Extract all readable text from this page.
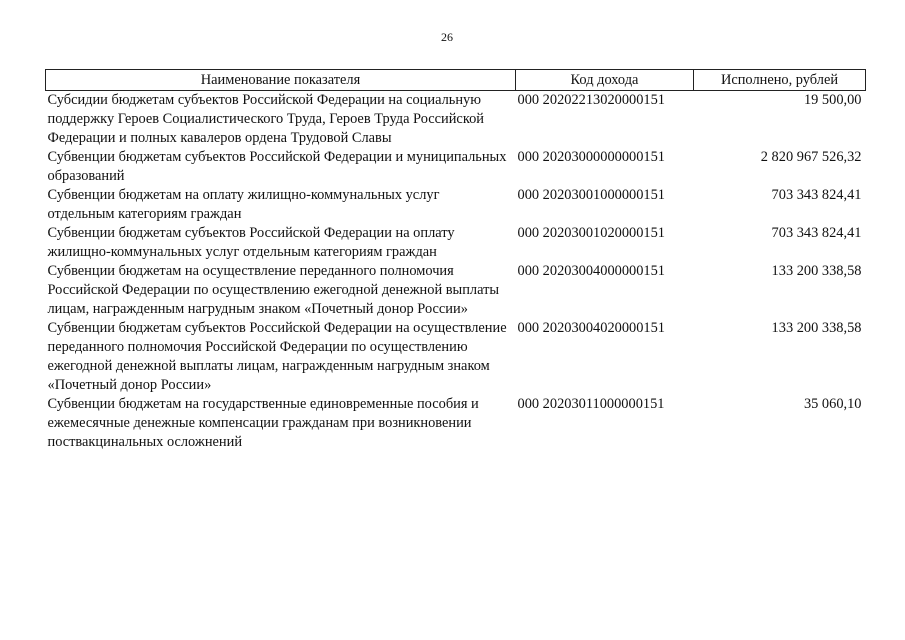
26
Наименование показателя	Код дохода	Исполнено, рублей
Субсидии бюджетам субъектов Российской Федерации на социальную поддержку Героев Социалистического Труда, Героев Труда Российской Федерации и полных кавалеров ордена Трудовой Славы	000 20202213020000151	19 500,00
Субвенции бюджетам субъектов Российской Федерации и муниципальных образований	000 20203000000000151	2 820 967 526,32
Субвенции бюджетам на оплату жилищно-коммунальных услуг отдельным категориям граждан	000 20203001000000151	703 343 824,41
Субвенции бюджетам субъектов Российской Федерации на оплату жилищно-коммунальных услуг отдельным категориям граждан	000 20203001020000151	703 343 824,41
Субвенции бюджетам на осуществление переданного полномочия Российской Федерации по осуществлению ежегодной денежной выплаты лицам, награжденным нагрудным знаком «Почетный донор России»	000 20203004000000151	133 200 338,58
Субвенции бюджетам субъектов Российской Федерации на осуществление переданного полномочия Российской Федерации по осуществлению ежегодной денежной выплаты лицам, награжденным нагрудным знаком «Почетный донор России»	000 20203004020000151	133 200 338,58
Субвенции бюджетам на государственные единовременные пособия и ежемесячные денежные компенсации гражданам при возникновении поствакцинальных осложнений	000 20203011000000151	35 060,10
